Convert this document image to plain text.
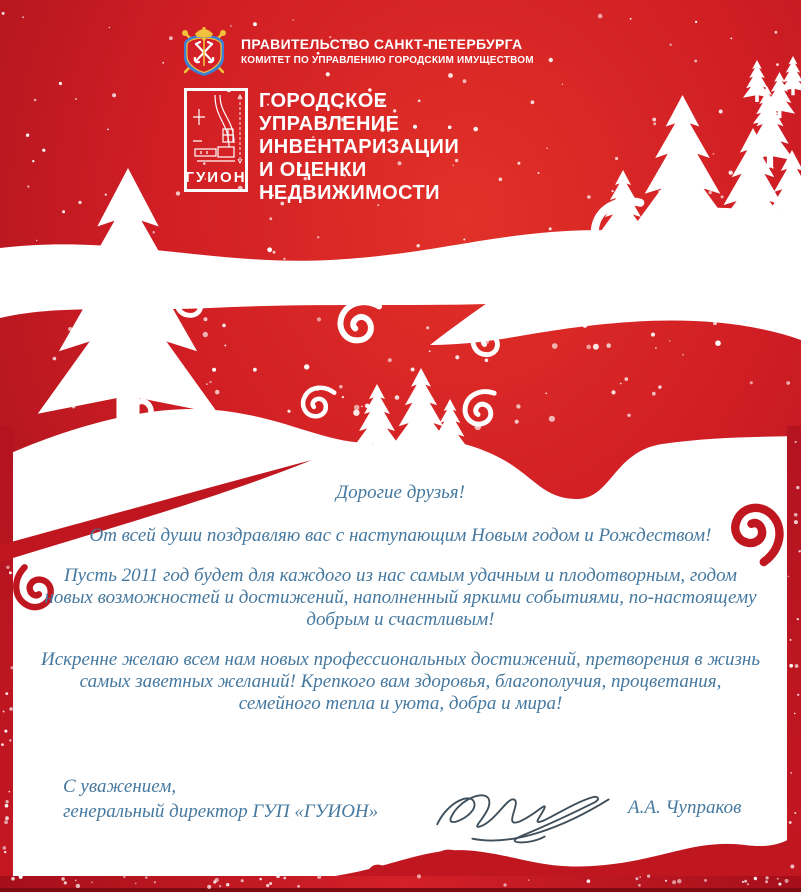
ПРАВИТЕЛЬСТВО САНКТ-ПЕТЕРБУРГА
КОМИТЕТ ПО УПРАВЛЕНИЮ ГОРОДСКИМ ИМУЩЕСТВОМ
ГУИОН
ГОРОДСКОЕ
УПРАВЛЕНИЕ
ИНВЕНТАРИЗАЦИИ
И ОЦЕНКИ
НЕДВИЖИМОСТИ

Дорогие друзья!

От всей души поздравляю вас с наступающим Новым годом и Рождеством!

Пусть 2011 год будет для каждого из нас самым удачным и плодотворным, годом новых возможностей и достижений, наполненный яркими событиями, по-настоящему добрым и счастливым!

Искренне желаю всем нам новых профессиональных достижений, претворения в жизнь самых заветных желаний! Крепкого вам здоровья, благополучия, процветания, семейного тепла и уюта, добра и мира!

С уважением,
генеральный директор ГУП «ГУИОН»	А.А. Чупраков
